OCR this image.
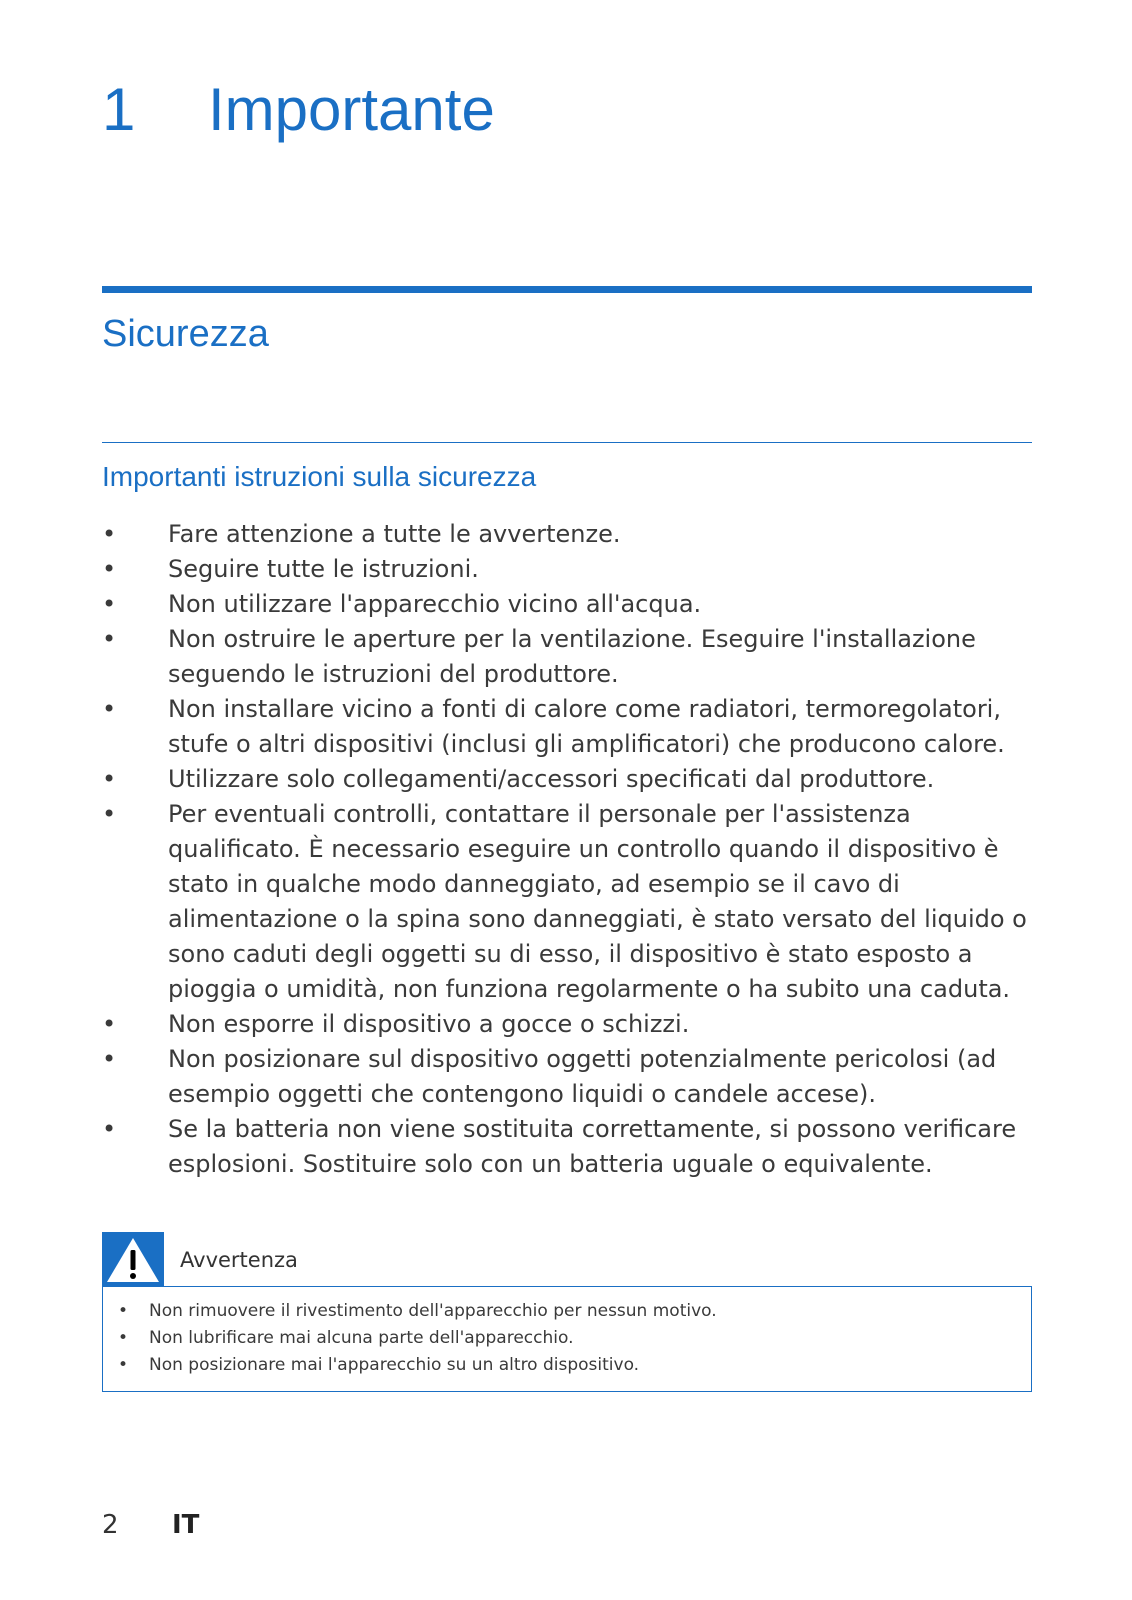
1 Importante
Sicurezza
Importanti istruzioni sulla sicurezza
• Fare attenzione a tutte le avvertenze.
• Seguire tutte le istruzioni.
• Non utilizzare l'apparecchio vicino all'acqua.
• Non ostruire le aperture per la ventilazione. Eseguire l'installazione seguendo le istruzioni del produttore.
• Non installare vicino a fonti di calore come radiatori, termoregolatori, stufe o altri dispositivi (inclusi gli amplificatori) che producono calore.
• Utilizzare solo collegamenti/accessori specificati dal produttore.
• Per eventuali controlli, contattare il personale per l'assistenza qualificato. È necessario eseguire un controllo quando il dispositivo è stato in qualche modo danneggiato, ad esempio se il cavo di alimentazione o la spina sono danneggiati, è stato versato del liquido o sono caduti degli oggetti su di esso, il dispositivo è stato esposto a pioggia o umidità, non funziona regolarmente o ha subito una caduta.
• Non esporre il dispositivo a gocce o schizzi.
• Non posizionare sul dispositivo oggetti potenzialmente pericolosi (ad esempio oggetti che contengono liquidi o candele accese).
• Se la batteria non viene sostituita correttamente, si possono verificare esplosioni. Sostituire solo con un batteria uguale o equivalente.
Avvertenza
• Non rimuovere il rivestimento dell'apparecchio per nessun motivo.
• Non lubrificare mai alcuna parte dell'apparecchio.
• Non posizionare mai l'apparecchio su un altro dispositivo.
2 IT
